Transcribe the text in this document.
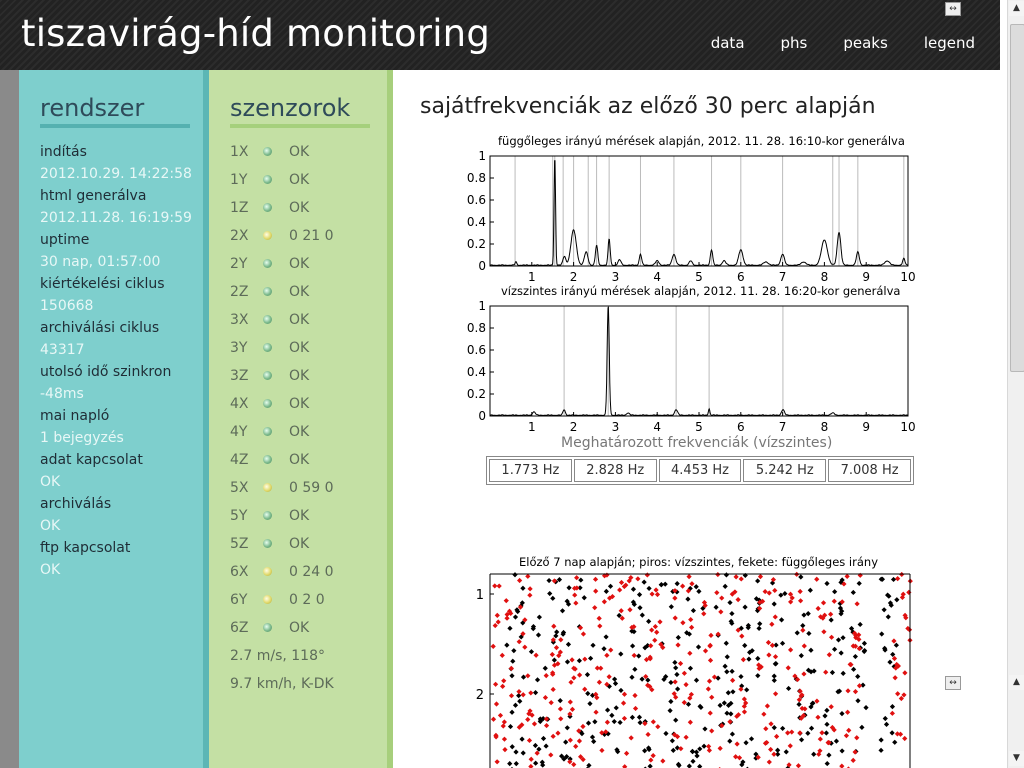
tiszavirág-híd monitoring	data phs peaks legend
↔	▲
▲
▼
↔
rendszer
indítás
2012.10.29. 14:22:58
html generálva
2012.11.28. 16:19:59
uptime
30 nap, 01:57:00
kiértékelési ciklus
150668
archiválási ciklus
43317
utolsó idő szinkron
-48ms
mai napló
1 bejegyzés
adat kapcsolat
OK
archiválás
OK
ftp kapcsolat
OK
szenzorok
1X	OK
1Y	OK
1Z	OK
2X	0 21 0
2Y	OK
2Z	OK
3X	OK
3Y	OK
3Z	OK
4X	OK
4Y	OK
4Z	OK
5X	0 59 0
5Y	OK
5Z	OK
6X	0 24 0
6Y	0 2 0
6Z	OK
2.7 m/s, 118°
9.7 km/h, K-DK
sajátfrekvenciák az előző 30 perc alapján
függőleges irányú mérések alapján, 2012. 11. 28. 16:10-kor generálva
0
0.2
0.4
0.6
0.8
1
1	2	3	4	5	6	7	8	9	10
vízszintes irányú mérések alapján, 2012. 11. 28. 16:20-kor generálva
0
0.2
0.4
0.6
0.8
1
1	2	3	4	5	6	7	8	9	10
Meghatározott frekvenciák (vízszintes)
1.773 Hz	2.828 Hz	4.453 Hz	5.242 Hz	7.008 Hz
Előző 7 nap alapján; piros: vízszintes, fekete: függőleges irány
1
2
